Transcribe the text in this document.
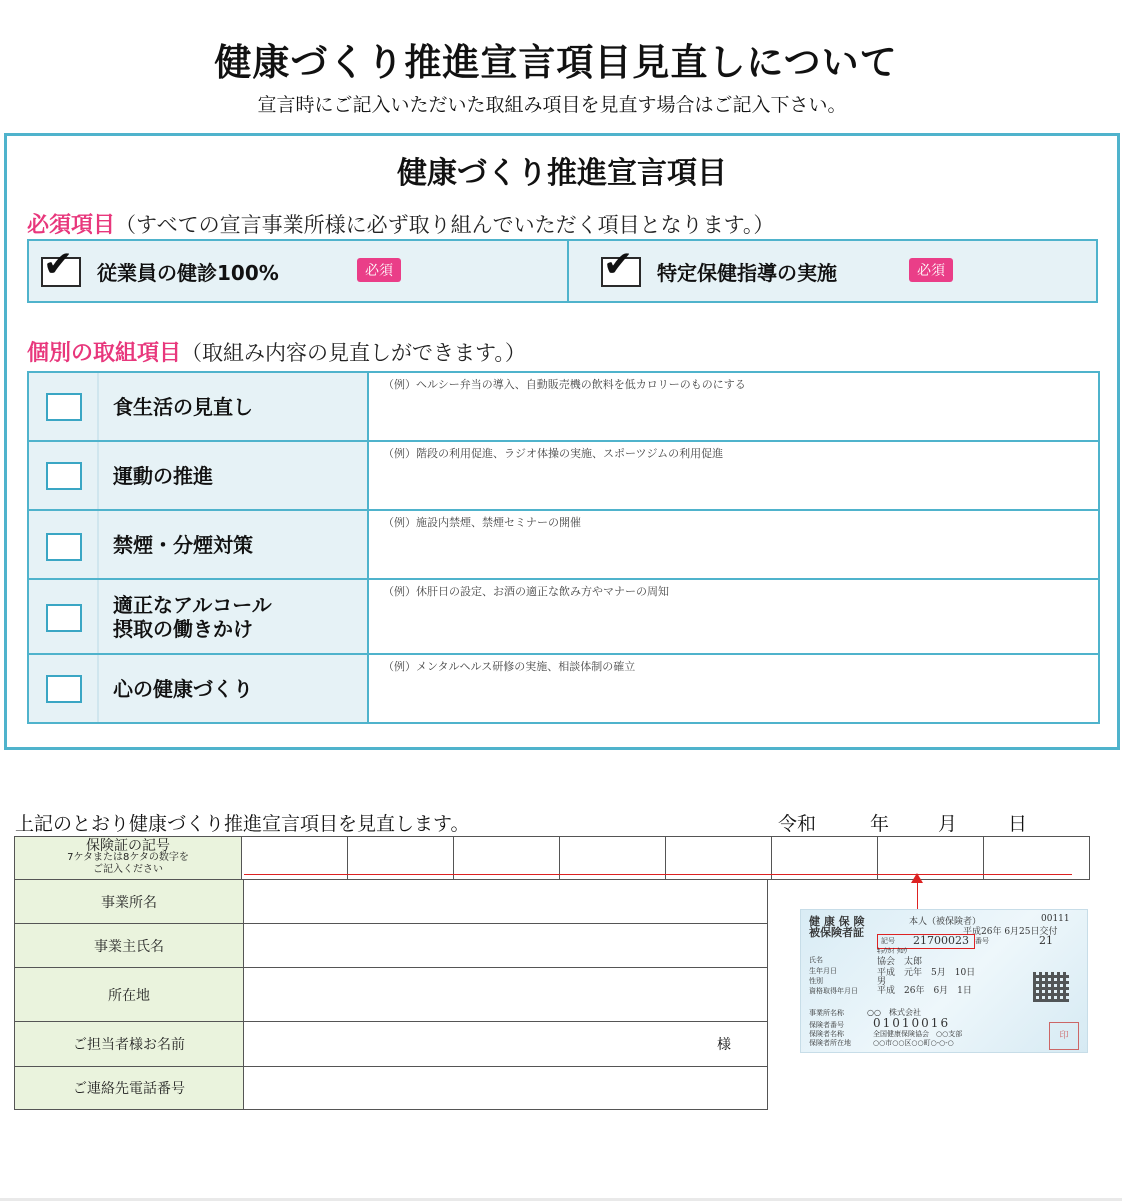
健康づくり推進宣言項目見直しについて
宣言時にご記入いただいた取組み項目を見直す場合はご記入下さい。
健康づくり推進宣言項目
必須項目（すべての宣言事業所様に必ず取り組んでいただく項目となります。）
✔ 従業員の健診100%	必須	✔ 特定保健指導の実施	必須
個別の取組項目（取組み内容の見直しができます。）
食生活の見直し
（例）ヘルシー弁当の導入、自動販売機の飲料を低カロリーのものにする
運動の推進
（例）階段の利用促進、ラジオ体操の実施、スポーツジムの利用促進
禁煙・分煙対策
（例）施設内禁煙、禁煙セミナーの開催
適正なアルコール
摂取の働きかけ
（例）休肝日の設定、お酒の適正な飲み方やマナーの周知
心の健康づくり
（例）メンタルヘルス研修の実施、相談体制の確立
上記のとおり健康づくり推進宣言項目を見直します。	令和	年	月	日
保険証の記号
7ケタまたは8ケタの数字を
ご記入ください

事業所名	
事業主氏名	
所在地	
ご担当者様お名前	様
ご連絡先電話番号	
健 康 保 険
被保険者証
本人（被保険者）	00111
平成26年 6月25日交付
記号 21700023 番号	21
氏名
ｷｮｳｶｲ ﾀﾛｳ
協会　太郎
生年月日	平成　元年　5月　10日
性別	男
資格取得年月日 平成　26年　6月　1日
事業所名称	○○　株式会社
保険者番号 01010016
保険者名称	全国健康保険協会　○○支部
保険者所在地	○○市○○区○○町○-○-○
印
